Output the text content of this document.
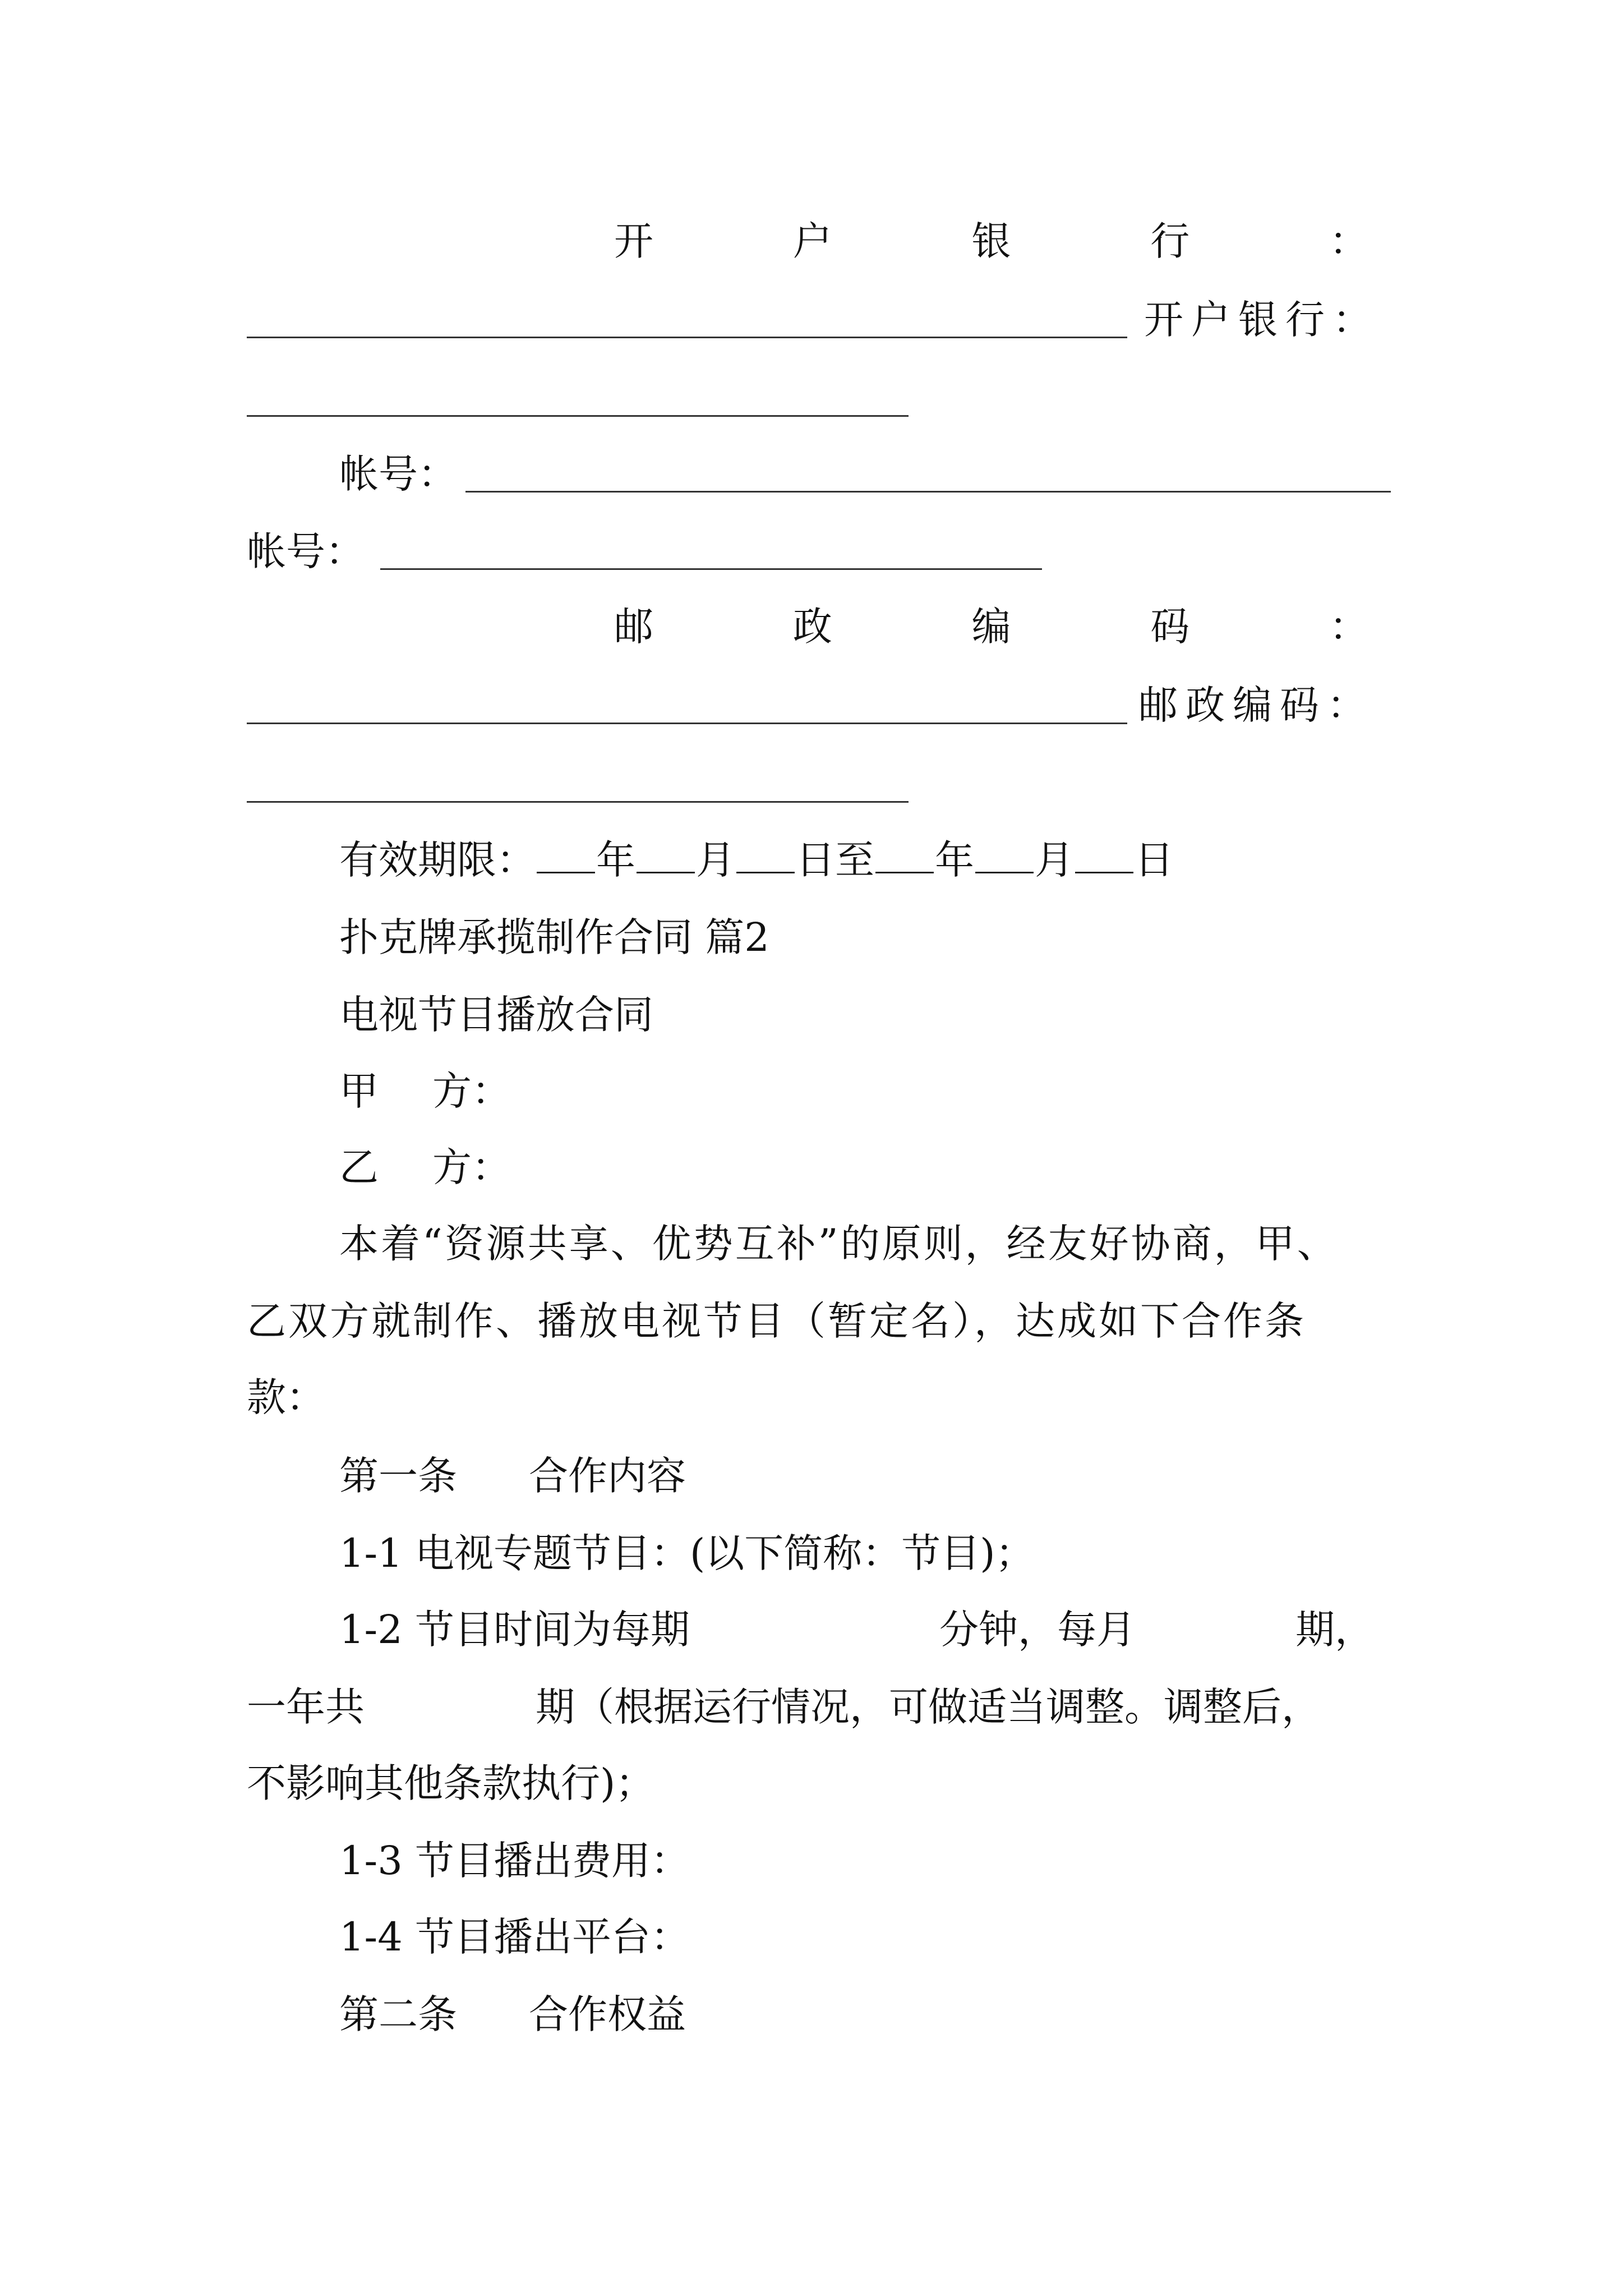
开	户	银	行	：
开户银行：
帐号：
帐号：
邮	政	编	码	：
邮政编码：
有效期限： 年 月 日至 年 月 日
扑克牌承揽制作合同 篇2
电视节目播放合同
甲 方：
乙 方：
本着“资源共享、优势互补”的原则，经友好协商，甲、
乙双方就制作、播放电视节目（暂定名），达成如下合作条
款：
第一条 合作内容
1-1 电视专题节目：(以下简称：节目)；
1-2 节目时间为每期	分钟，每月	期，
一年共	期（根据运行情况，可做适当调整。调整后，
不影响其他条款执行)；
1-3 节目播出费用：
1-4 节目播出平台：
第二条 合作权益
